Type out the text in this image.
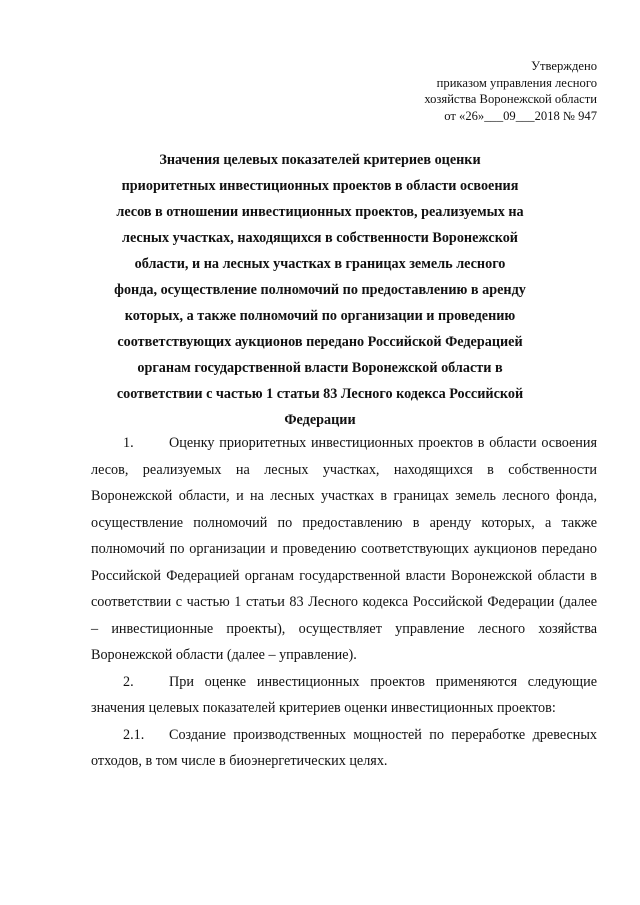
Утверждено
приказом управления лесного
хозяйства Воронежской области
от «26»___09___2018 № 947
Значения целевых показателей критериев оценки приоритетных инвестиционных проектов в области освоения лесов в отношении инвестиционных проектов, реализуемых на лесных участках, находящихся в собственности Воронежской области, и на лесных участках в границах земель лесного фонда, осуществление полномочий по предоставлению в аренду которых, а также полномочий по организации и проведению соответствующих аукционов передано Российской Федерацией органам государственной власти Воронежской области в соответствии с частью 1 статьи 83 Лесного кодекса Российской Федерации

1. Оценку приоритетных инвестиционных проектов в области освоения лесов, реализуемых на лесных участках, находящихся в собственности Воронежской области, и на лесных участках в границах земель лесного фонда, осуществление полномочий по предоставлению в аренду которых, а также полномочий по организации и проведению соответствующих аукционов передано Российской Федерацией органам государственной власти Воронежской области в соответствии с частью 1 статьи 83 Лесного кодекса Российской Федерации (далее – инвестиционные проекты), осуществляет управление лесного хозяйства Воронежской области (далее – управление).

2. При оценке инвестиционных проектов применяются следующие значения целевых показателей критериев оценки инвестиционных проектов:

2.1. Создание производственных мощностей по переработке древесных отходов, в том числе в биоэнергетических целях.
